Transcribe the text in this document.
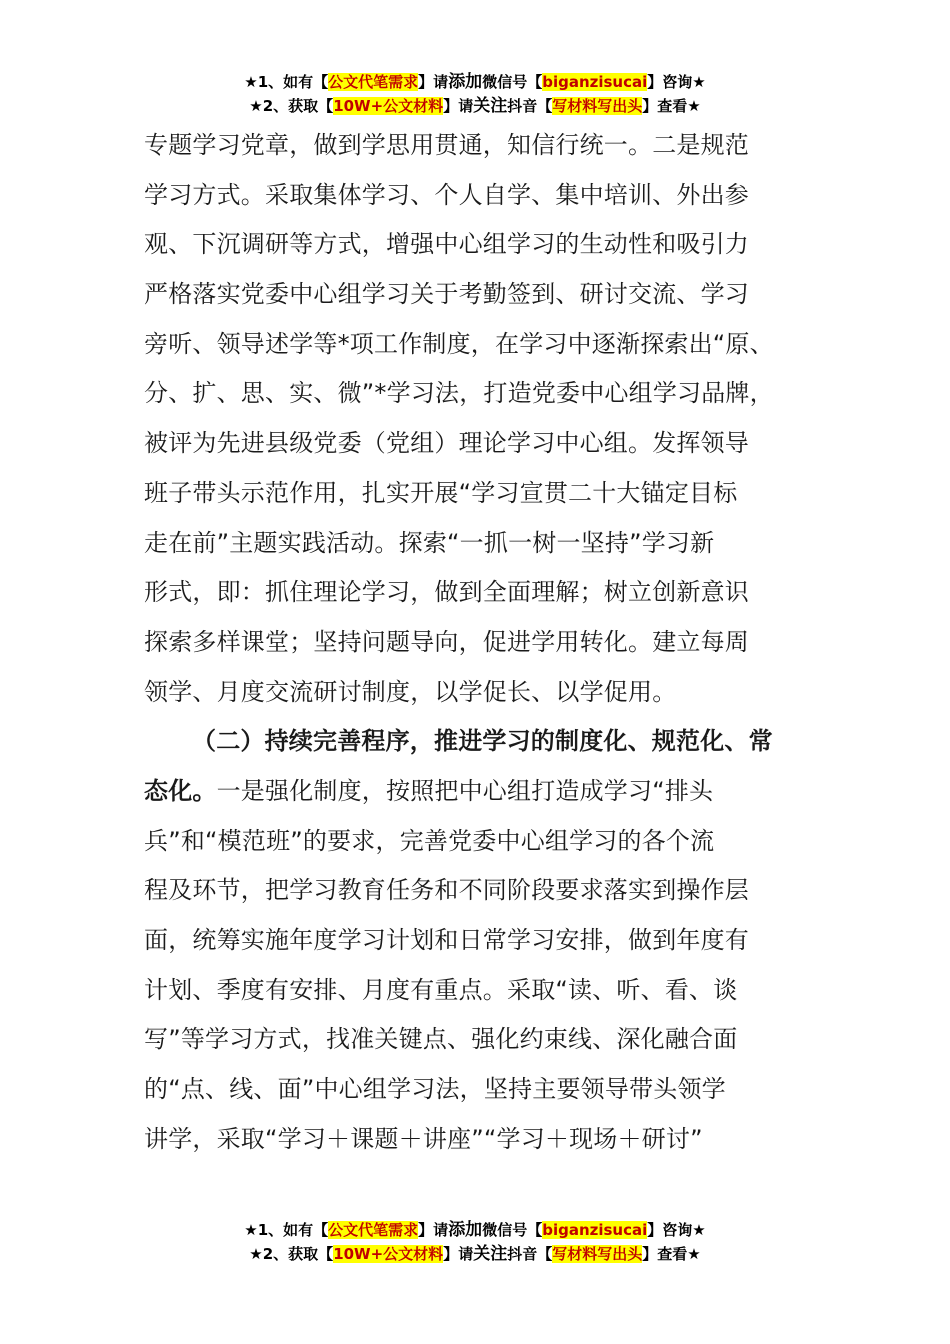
★1、如有【公文代笔需求】请添加微信号【biganzisucai】咨询★
★2、获取【10W+公文材料】请关注抖音【写材料写出头】查看★
专题学习党章，做到学思用贯通，知信行统一。二是规范
学习方式。采取集体学习、个人自学、集中培训、外出参
观、下沉调研等方式，增强中心组学习的生动性和吸引力
严格落实党委中心组学习关于考勤签到、研讨交流、学习
旁听、领导述学等*项工作制度，在学习中逐渐探索出“原、
分、扩、思、实、微”*学习法，打造党委中心组学习品牌，
被评为先进县级党委（党组）理论学习中心组。发挥领导
班子带头示范作用，扎实开展“学习宣贯二十大锚定目标
走在前”主题实践活动。探索“一抓一树一坚持”学习新
形式，即：抓住理论学习，做到全面理解；树立创新意识
探索多样课堂；坚持问题导向，促进学用转化。建立每周
领学、月度交流研讨制度，以学促长、以学促用。
（二）持续完善程序，推进学习的制度化、规范化、常
态化。一是强化制度，按照把中心组打造成学习“排头
兵”和“模范班”的要求，完善党委中心组学习的各个流
程及环节，把学习教育任务和不同阶段要求落实到操作层
面，统筹实施年度学习计划和日常学习安排，做到年度有
计划、季度有安排、月度有重点。采取“读、听、看、谈
写”等学习方式，找准关键点、强化约束线、深化融合面
的“点、线、面”中心组学习法，坚持主要领导带头领学
讲学，采取“学习＋课题＋讲座”“学习＋现场＋研讨”
★1、如有【公文代笔需求】请添加微信号【biganzisucai】咨询★
★2、获取【10W+公文材料】请关注抖音【写材料写出头】查看★
